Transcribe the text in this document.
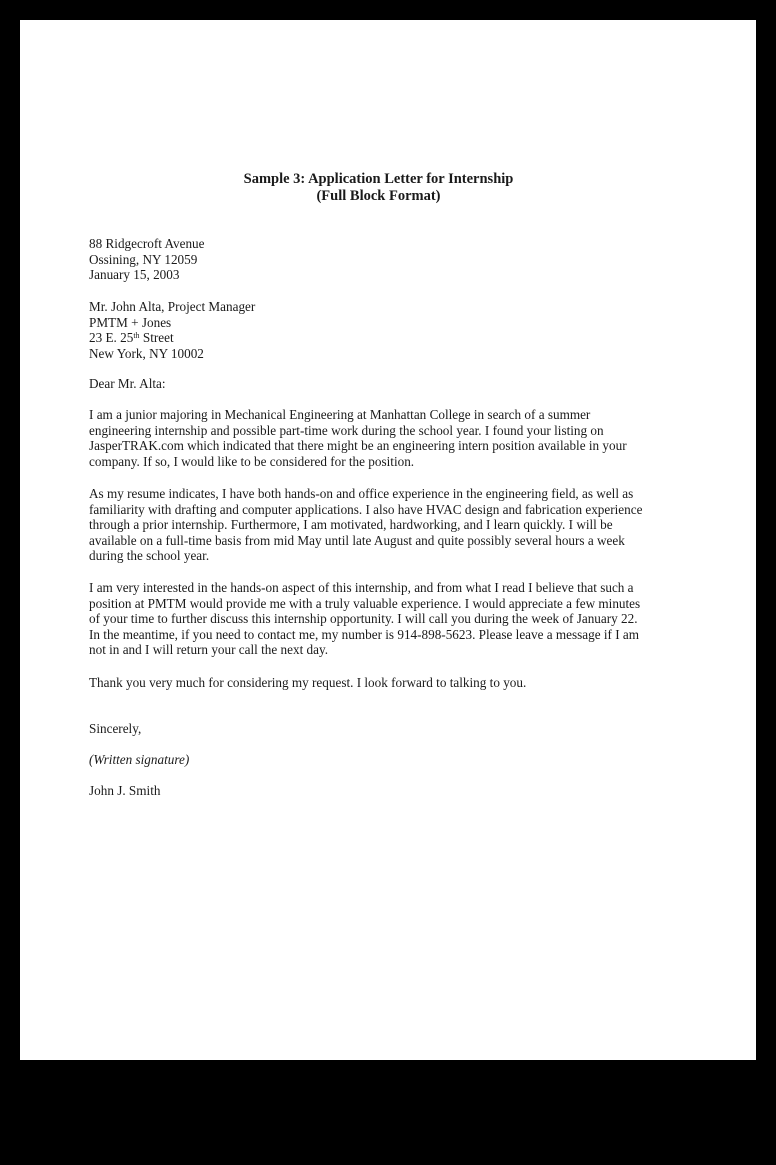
Sample 3: Application Letter for Internship
(Full Block Format)
88 Ridgecroft Avenue
Ossining, NY 12059
January 15, 2003
Mr. John Alta, Project Manager
PMTM + Jones
23 E. 25th Street
New York, NY 10002
Dear Mr. Alta:
I am a junior majoring in Mechanical Engineering at Manhattan College in search of a summer
engineering internship and possible part-time work during the school year. I found your listing on
JasperTRAK.com which indicated that there might be an engineering intern position available in your
company. If so, I would like to be considered for the position.
As my resume indicates, I have both hands-on and office experience in the engineering field, as well as
familiarity with drafting and computer applications. I also have HVAC design and fabrication experience
through a prior internship. Furthermore, I am motivated, hardworking, and I learn quickly. I will be
available on a full-time basis from mid May until late August and quite possibly several hours a week
during the school year.
I am very interested in the hands-on aspect of this internship, and from what I read I believe that such a
position at PMTM would provide me with a truly valuable experience. I would appreciate a few minutes
of your time to further discuss this internship opportunity. I will call you during the week of January 22.
In the meantime, if you need to contact me, my number is 914-898-5623. Please leave a message if I am
not in and I will return your call the next day.
Thank you very much for considering my request. I look forward to talking to you.
Sincerely,
(Written signature)
John J. Smith
